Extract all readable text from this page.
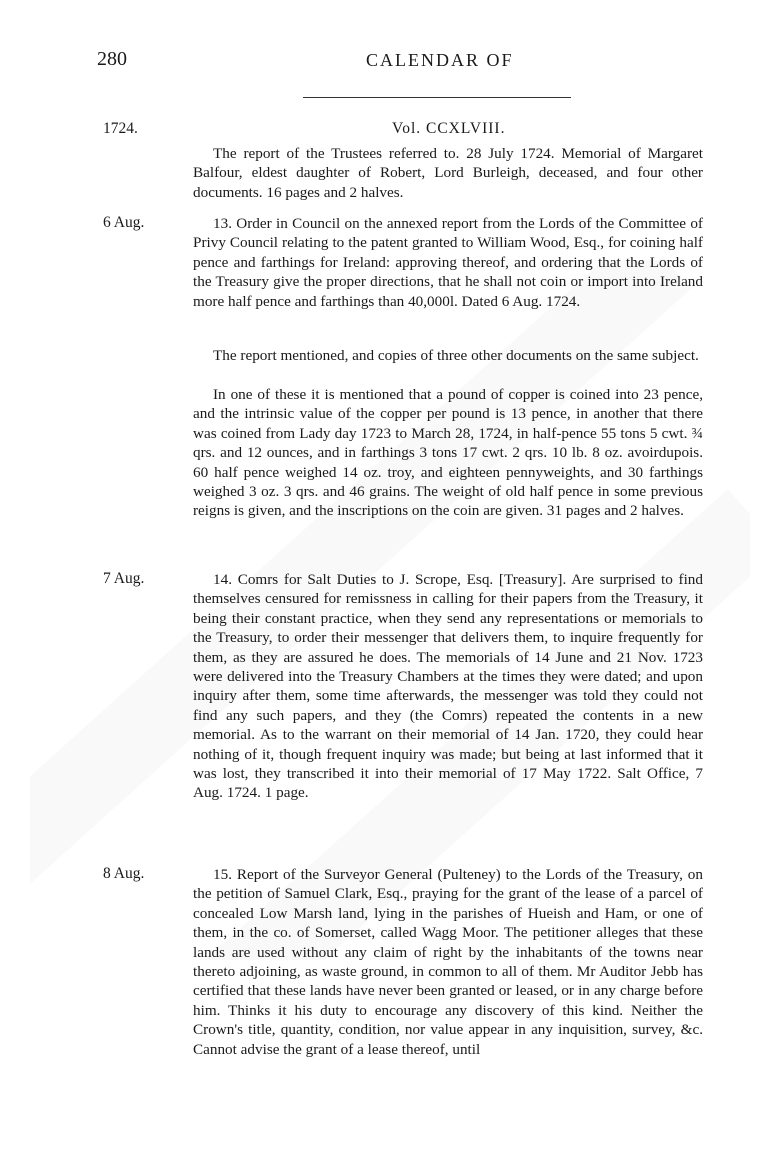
280	CALENDAR OF
1724.	Vol. CCXLVIII.

The report of the Trustees referred to. 28 July 1724. Memorial of Margaret Balfour, eldest daughter of Robert, Lord Burleigh, deceased, and four other documents. 16 pages and 2 halves.

6 Aug.	13. Order in Council on the annexed report from the Lords of the Committee of Privy Council relating to the patent granted to William Wood, Esq., for coining half pence and farthings for Ireland: approving thereof, and ordering that the Lords of the Treasury give the proper directions, that he shall not coin or import into Ireland more half pence and farthings than 40,000l. Dated 6 Aug. 1724.

The report mentioned, and copies of three other documents on the same subject.

In one of these it is mentioned that a pound of copper is coined into 23 pence, and the intrinsic value of the copper per pound is 13 pence, in another that there was coined from Lady day 1723 to March 28, 1724, in half-pence 55 tons 5 cwt. ¾ qrs. and 12 ounces, and in farthings 3 tons 17 cwt. 2 qrs. 10 lb. 8 oz. avoirdupois. 60 half pence weighed 14 oz. troy, and eighteen pennyweights, and 30 farthings weighed 3 oz. 3 qrs. and 46 grains. The weight of old half pence in some previous reigns is given, and the inscriptions on the coin are given. 31 pages and 2 halves.

7 Aug.	14. Comrs for Salt Duties to J. Scrope, Esq. [Treasury]. Are surprised to find themselves censured for remissness in calling for their papers from the Treasury, it being their constant practice, when they send any representations or memorials to the Treasury, to order their messenger that delivers them, to inquire frequently for them, as they are assured he does. The memorials of 14 June and 21 Nov. 1723 were delivered into the Treasury Chambers at the times they were dated; and upon inquiry after them, some time afterwards, the messenger was told they could not find any such papers, and they (the Comrs) repeated the contents in a new memorial. As to the warrant on their memorial of 14 Jan. 1720, they could hear nothing of it, though frequent inquiry was made; but being at last informed that it was lost, they transcribed it into their memorial of 17 May 1722. Salt Office, 7 Aug. 1724. 1 page.

8 Aug.	15. Report of the Surveyor General (Pulteney) to the Lords of the Treasury, on the petition of Samuel Clark, Esq., praying for the grant of the lease of a parcel of concealed Low Marsh land, lying in the parishes of Hueish and Ham, or one of them, in the co. of Somerset, called Wagg Moor. The petitioner alleges that these lands are used without any claim of right by the inhabitants of the towns near thereto adjoining, as waste ground, in common to all of them. Mr Auditor Jebb has certified that these lands have never been granted or leased, or in any charge before him. Thinks it his duty to encourage any discovery of this kind. Neither the Crown's title, quantity, condition, nor value appear in any inquisition, survey, &c. Cannot advise the grant of a lease thereof, until
